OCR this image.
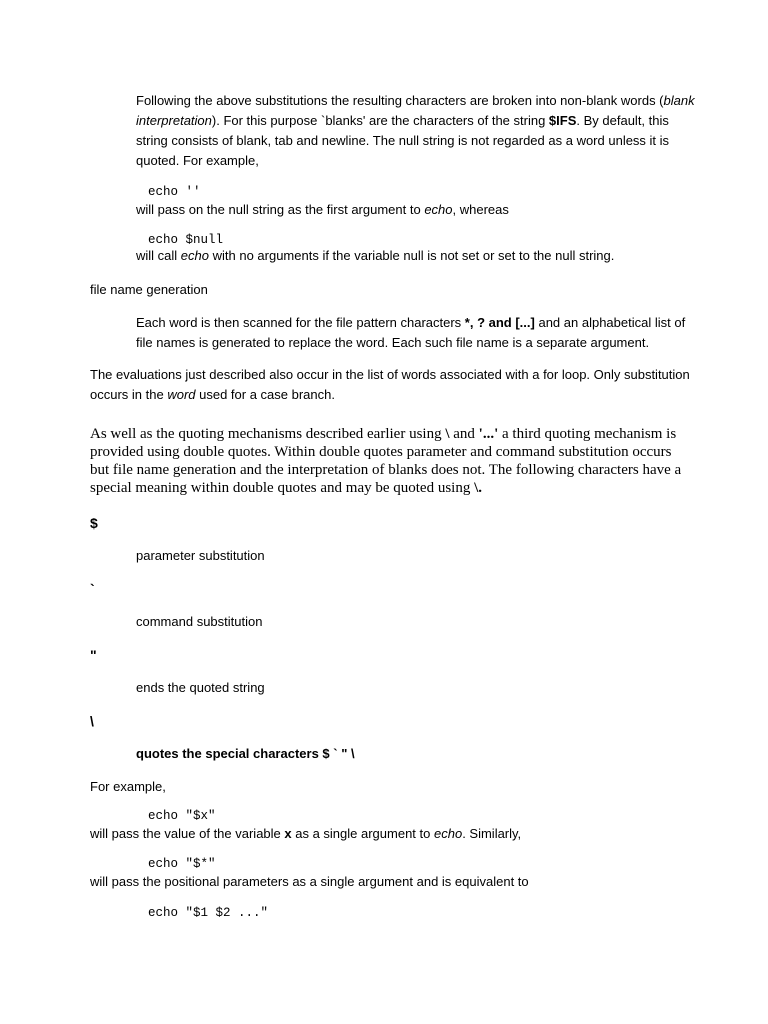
Following the above substitutions the resulting characters are broken into non-blank words (blank interpretation). For this purpose `blanks' are the characters of the string $IFS. By default, this string consists of blank, tab and newline. The null string is not regarded as a word unless it is quoted. For example,

echo ''

will pass on the null string as the first argument to echo, whereas

echo $null

will call echo with no arguments if the variable null is not set or set to the null string.

file name generation

Each word is then scanned for the file pattern characters *, ? and [...] and an alphabetical list of file names is generated to replace the word. Each such file name is a separate argument.

The evaluations just described also occur in the list of words associated with a for loop. Only substitution occurs in the word used for a case branch.

As well as the quoting mechanisms described earlier using \ and '...' a third quoting mechanism is provided using double quotes. Within double quotes parameter and command substitution occurs but file name generation and the interpretation of blanks does not. The following characters have a special meaning within double quotes and may be quoted using \.

$
parameter substitution
`
command substitution
"
ends the quoted string
\
quotes the special characters $ ` " \
For example,
echo "$x"

will pass the value of the variable x as a single argument to echo. Similarly,

echo "$*"
will pass the positional parameters as a single argument and is equivalent to
echo "$1 $2 ..."
